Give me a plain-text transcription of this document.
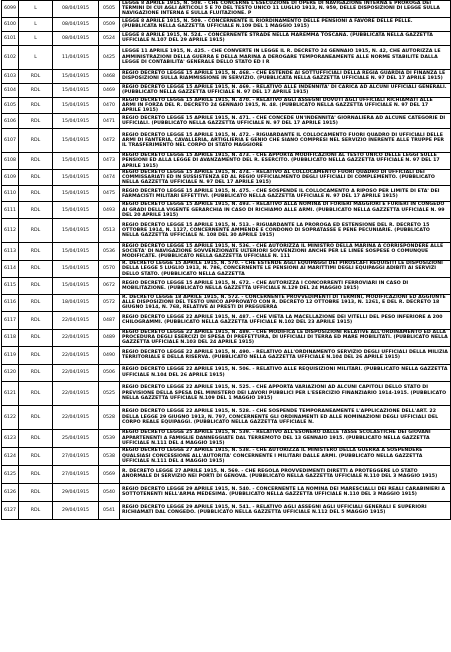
6099	L	08/04/1915	0505	LEGGE 8 APRILE 1915, N. 508. - CHE CONCERNE L'ESECUZIONE DI OPERE DI NAVIGAZIONE INTERNA E PROROGA DEI TERMINI DI CUI AGLI ARTICOLI 5 E 70 DEL TESTO UNICO 11 LUGLIO 1913, N. 959, DELLE DISPOSIZIONI DI LEGGE SULLA NAVIGAZIONE INTERNA E SULLA FLUITAZIONE. P
6100	L	08/04/1915	0509	LEGGE 8 APRILE 1915, N. 509. - CONCERNENTE IL RIORDINAMENTO DELLE PENSIONI A FAVORE DELLE PELLE. (PUBBLICATA NELLA GAZZETTA UFFICIALE N.109 DEL 1 MAGGIO 1915)
6101	L	08/04/1915	0524	LEGGE 8 APRILE 1915, N. 524. - CONCERNENTE STRADE NELLA MAREMMA TOSCANA. (PUBBLICATA NELLA GAZZETTA UFFICIALE N.107 DEL 29 APRILE 1915)
6102	L	11/04/1915	0425	LEGGE 11 APRILE 1915, N. 425. - CHE CONVERTE IN LEGGE IL R. DECRETO 24 GENNAIO 1915, N. 42, CHE AUTORIZZA LE AMMINISTRAZIONI DELLA GUERRA E DELLA MARINA A DEROGARE TEMPORANEAMENTE ALLE NORME STABILITE DALLA LEGGE DI CONTABILITA' GENERALE DELLO STATO ED I R
6103	RDL	15/04/1915	0468	REGIO DECRETO LEGGE 15 APRILE 1915, N. 468. - CHE ESTENDE AI SOTTUFFICIALI DELLA REGIA GUARDIA DI FINANZA LE DISPOSIZIONI SULLA RIAMMISSIONE IN SERVIZIO. (PUBBLICATA NELLA GAZZETTA UFFICIALE N. 97 DEL 17 APRILE 1915)
6104	RDL	15/04/1915	0469	REGIO DECRETO LEGGE 15 APRILE 1915, N. 469. - RELATIVO ALLE INDENNITA' DI CARICA AD ALCUNI UFFICIALI GENERALI. (PUBBLICATO NELLA GAZZETTA UFFICIALE N. 97 DEL 17 APRILE 1915)
6105	RDL	15/04/1915	0470	REGIO DECRETO LEGGE 15 APRILE 1915, N. 470. - RELATIVO AGLI ASSEGNI DOVUTI AGLI UFFICIALI RICHIAMATI ALLE ARMI IN FORZA DEL R. DECRETO 24 GENNAIO 1915, N. 48. (PUBBLICATO NELLA GAZZETTA UFFICIALE N. 97 DEL 17 APRILE 1915)
6106	RDL	15/04/1915	0471	REGIO DECRETO LEGGE 15 APRILE 1915, N. 471. - CHE CONCEDE UN'INDENNITA' GIORNALIERA AD ALCUNE CATEGORIE DI UFFICIALI. (PUBBLICATO NELLA GAZZETTA UFFICIALE N. 97 DEL 17 APRILE 1915)
6107	RDL	15/04/1915	0472	REGIO DECRETO LEGGE 15 APRILE 1915, N. 472. - RIGUARDANTE IL COLLOCAMENTO FUORI QUADRO DI UFFICIALI DELLE ARMI DI FANTERIA, CAVALLERIA, ARTIGLIERIA E GENIO CHE SIANO COMPRESI NEL SERVIZIO INERENTE ALLE TRUPPE PER IL TRASFERIMENTO NEL CORPO DI STATO MAGGIORE
6108	RDL	15/04/1915	0473	REGIO DECRETO LEGGE 15 APRILE 1915, N. 473. - CHE APPORTA MODIFICAZIONI AL TESTO UNICO DELLE LEGGI SULLE PENSIONI ED ALLA LEGGE DI AVANZAMENTO DEL R. ESERCITO. (PUBBLICATO NELLA GAZZETTA UFFICIALE N. 97 DEL 17 APRILE 1915)
6109	RDL	15/04/1915	0474	REGIO DECRETO LEGGE 15 APRILE 1915, N. 474. - RELATIVO AL COLLOCAMENTO FUORI QUADRO DI UFFICIALI DEI COMMISSARIATI ED IN SUSSISTENZA ED AL REGIO UFFICIALMENTO DEGLI UFFICIALI DI COMPLEMENTO. (PUBBLICATO NELLA GAZZETTA UFFICIALE N. 97 DEL 17 APRILE 1915)
6110	RDL	15/04/1915	0475	REGIO DECRETO LEGGE 15 APRILE 1915, N. 475. - CHE SOSPENDE IL COLLOCAMENTO A RIPOSO PER LIMITE DI ETA' DEI FARMACISTI MILITARI EFFETTIVI. (PUBBLICATO NELLA GAZZETTA UFFICIALE N. 97 DEL 17 APRILE 1915)
6111	RDL	15/04/1915	0493	REGIO DECRETO LEGGE 15 APRILE 1915, N. 493. - RELATIVO ALLA NOMINA DI FORIERI MAGGIORI E FURIERI IN CONGEDO AI GRADI DELLA VIGENTE GERARCHIA IN CASO DI RICHIAMO ALLE ARMI. (PUBBLICATO NELLA GAZZETTA UFFICIALE N. 99 DEL 20 APRILE 1915)
6112	RDL	15/04/1915	0513	REGIO DECRETO LEGGE 15 APRILE 1915, N. 513. - RIGUARDANTE LA PROROGA ED ESTENSIONE DEL R. DECRETO 15 OTTOBRE 1914, N. 1127, CONCERNENTE AMMENDE E CONDONO DI SOPRATASSE E PENE PECUNIARIE. (PUBBLICATO NELLA GAZZETTA UFFICIALE N. 108 DEL 30 APRILE 1915)
6113	RDL	15/04/1915	0536	REGIO DECRETO LEGGE 15 APRILE 1915, N. 536. - CHE AUTORIZZA IL MINISTRO DELLA MARINA A CORRISPONDERE ALLE SOCIETA' DI NAVIGAZIONE SOVVENZIONATE ULTERIORI SOVVENZIONI ANCHE PER LE LINEE SOSPESE O COMUNQUE MODIFICATE. (PUBBLICATO NELLA GAZZETTA UFFICIALE N. 111
6114	RDL	15/04/1915	0570	R. DECRETO LEGGE 15 APRILE 1915, N. 570. - CHE ESTENDE AGLI EQUIPAGGI DEI PIROSCAFI REQUISITI LE DISPOSIZIONI DELLA LEGGE 5 LUGLIO 1913, N. 786, CONCERNENTE LE PENSIONI AI MARITTIMI DEGLI EQUIPAGGI ADIBITI AI SERVIZI DELLO STATO. (PUBBLICATO NELLA GAZZETTA
6115	RDL	15/04/1915	0672	REGIO DECRETO LEGGE 15 APRILE 1915, N. 672. - CHE AUTORIZZA I CONCORRENTI FERROVIARI IN CASO DI MOBILITAZIONE. (PUBBLICATO NELLA GAZZETTA UFFICIALE N.129 DEL 24 MAGGIO 1915)
6116	RDL	18/04/1915	0572	R. DECRETO LEGGE 18 APRILE 1915, N. 572. - CONCERNENTE PROVVEDIMENTI DI TERMINI, MODIFICAZIONI ED AGGIUNTE ALLE DISPOSIZIONI DEL TESTO UNICO APPROVATO CON R. DECRETO 12 OTTOBRE 1913, N. 1261, E DEL R. DECRETO 18 GIUGNO 1914, N. 768, RELATIVE AI PRESTI DI PREGUERRA
6117	RDL	22/04/1915	0487	REGIO DECRETO LEGGE 22 APRILE 1915, N. 487. - CHE VIETA LA MACELLAZIONE DEI VITELLI DEL PESO INFERIORE A 200 CHILOGRAMMI. (PUBBLICATO NELLA GAZZETTA UFFICIALE N.102 DEL 23 APRILE 1915)
6118	RDL	22/04/1915	0489	REGIO DECRETO LEGGE 22 APRILE 1915, N. 489. - CHE MODIFICA LE DISPOSIZIONI RELATIVE ALL'ORDINAMENTO ED ALLA PROCEDURA DEGLI ESERCIZI DI SPESA DI PREFETTURA, DI UFFICIALI DI TERRA ED MARE MOBILITATI. (PUBBLICATO NELLA GAZZETTA UFFICIALE N.103 DEL 24 APRILE 1915)
6119	RDL	22/04/1915	0490	REGIO DECRETO LEGGE 22 APRILE 1915, N. 490. - RELATIVO ALL'ORDINAMENTO SERVIZIO DEGLI UFFICIALI DELLA MILIZIA TERRITORIALE E DELLA RISERVA. (PUBBLICATO NELLA GAZZETTA UFFICIALE N.104 DEL 26 APRILE 1915)
6120	RDL	22/04/1915	0506	REGIO DECRETO LEGGE 22 APRILE 1915, N. 506. - RELATIVO ALLE REQUISIZIONI MILITARI. (PUBBLICATO NELLA GAZZETTA UFFICIALE N.104 DEL 26 APRILE 1915)
6121	RDL	22/04/1915	0525	REGIO DECRETO LEGGE 22 APRILE 1915, N. 525. - CHE APPORTA VARIAZIONI AD ALCUNI CAPITOLI DELLO STATO DI PREVISIONE DELLA SPESA DEL MINISTERO DEI LAVORI PUBBLICI PER L'ESERCIZIO FINANZIARIO 1914-1915. (PUBBLICATO NELLA GAZZETTA UFFICIALE N.109 DEL 1 MAGGIO 1915)
6122	RDL	22/04/1915	0528	REGIO DECRETO LEGGE 22 APRILE 1915, N. 528. - CHE SOSPENDE TEMPORANEAMENTE L'APPLICAZIONE DELL'ART. 22 DELLA LEGGE 29 GIUGNO 1913, N. 797, CONCERNENTE GLI ORDINAMENTI ED ALLE NOMINAZIONI DEGLI UFFICIALI DEL CORPO REALE EQUIPAGGI. (PUBBLICATO NELLA GAZZETTA UFFICIALE N.
6123	RDL	25/04/1915	0539	REGIO DECRETO LEGGE 25 APRILE 1915, N. 539. - RELATIVO ALL'ESONERO DALLE TASSE SCOLASTICHE DEI GIOVANI APPARTENENTI A FAMIGLIE DANNEGGIATE DAL TERREMOTO DEL 13 GENNAIO 1915. (PUBBLICATO NELLA GAZZETTA UFFICIALE N.111 DEL 4 MAGGIO 1915)
6124	RDL	27/04/1915	0538	REGIO DECRETO LEGGE 27 APRILE 1915, N. 538. - CHE AUTORIZZA IL MINISTERO DELLA GUERRA A SOSPENDERE QUALSIASI CONCESSIONE ALL'AUTORITA' CONCERNENTE I MILITARI DALLE ARMI. (PUBBLICATO NELLA GAZZETTA UFFICIALE N.111 DEL 4 MAGGIO 1915)
6125	RDL	27/04/1915	0569	R. DECRETO LEGGE 27 APRILE 1915, N. 569. - CHE REGOLA PROVVEDIMENTI DIRETTI A PROTEGGERE LO STATO ANORMALE DI SERVIZIO NEI PORTI DI GENOVA. (PUBBLICATO NELLA GAZZETTA UFFICIALE N.110 DEL 3 MAGGIO 1915)
6126	RDL	29/04/1915	0540	REGIO DECRETO LEGGE 29 APRILE 1915, N. 540. - CONCERNENTE LA NOMINA DEI MARESCIALLI DEI REALI CARABINIERI A SOTTOTENENTI NELL'ARMA MEDESIMA. (PUBBLICATO NELLA GAZZETTA UFFICIALE N.110 DEL 3 MAGGIO 1915)
6127	RDL	29/04/1915	0541	REGIO DECRETO LEGGE 29 APRILE 1915, N. 541. - RELATIVO AGLI ASSEGNI AGLI UFFICIALI GENERALI E SUPERIORI RICHIAMATI DAL CONGEDO. (PUBBLICATO NELLA GAZZETTA UFFICIALE N.112 DEL 5 MAGGIO 1915)
